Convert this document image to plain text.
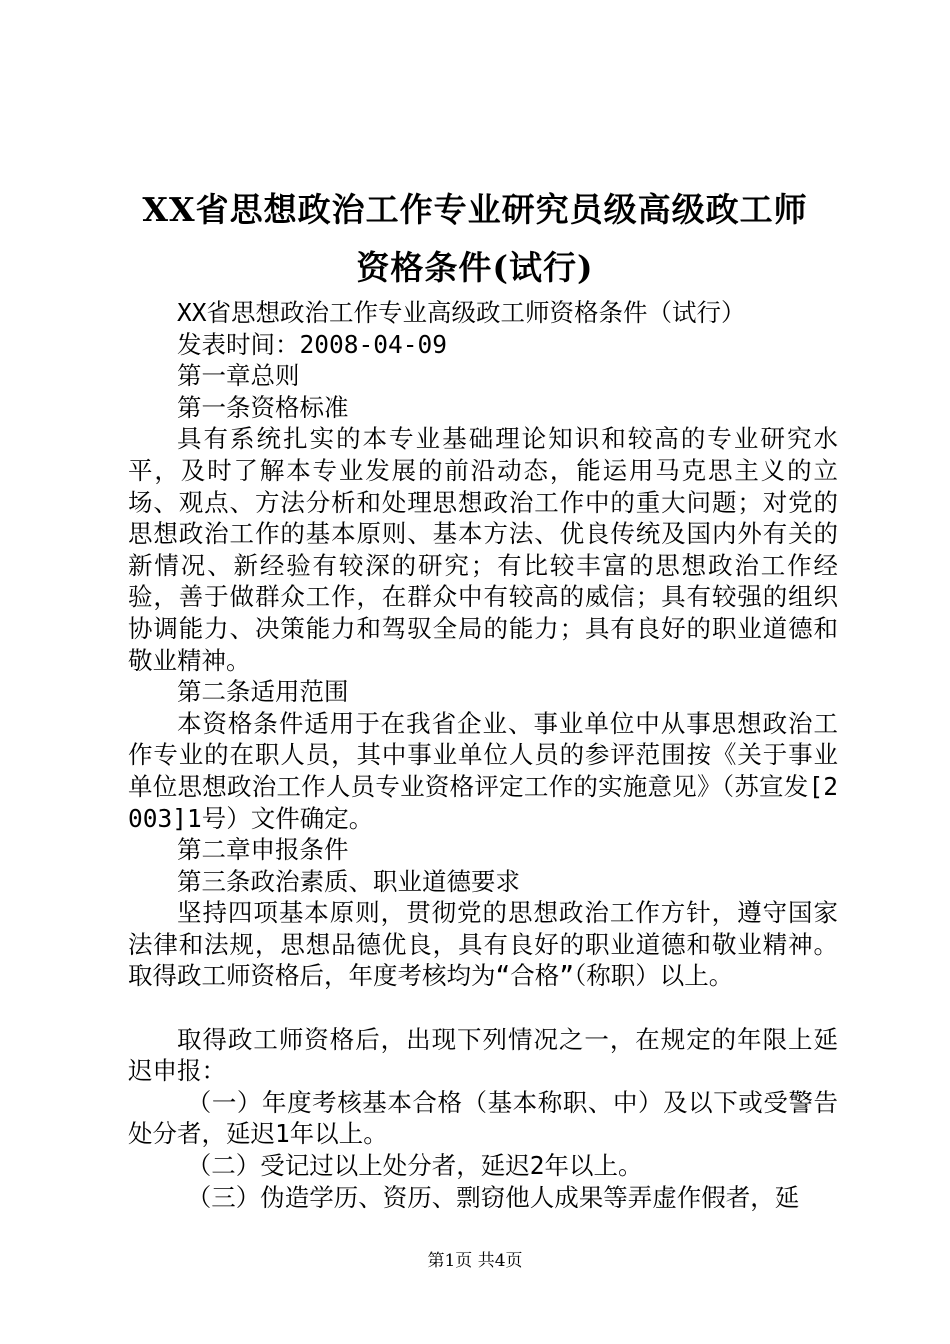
XX省思想政治工作专业研究员级高级政工师
资格条件(试行)

XX省思想政治工作专业高级政工师资格条件（试行）

发表时间：2008-04-09

第一章总则

第一条资格标准

具有系统扎实的本专业基础理论知识和较高的专业研究水平，及时了解本专业发展的前沿动态，能运用马克思主义的立场、观点、方法分析和处理思想政治工作中的重大问题；对党的思想政治工作的基本原则、基本方法、优良传统及国内外有关的新情况、新经验有较深的研究；有比较丰富的思想政治工作经验，善于做群众工作，在群众中有较高的威信；具有较强的组织协调能力、决策能力和驾驭全局的能力；具有良好的职业道德和敬业精神。

第二条适用范围

本资格条件适用于在我省企业、事业单位中从事思想政治工作专业的在职人员，其中事业单位人员的参评范围按《关于事业单位思想政治工作人员专业资格评定工作的实施意见》（苏宣发[2003]1号）文件确定。

第二章申报条件

第三条政治素质、职业道德要求

坚持四项基本原则，贯彻党的思想政治工作方针，遵守国家法律和法规，思想品德优良，具有良好的职业道德和敬业精神。取得政工师资格后，年度考核均为“合格”（称职）以上。

取得政工师资格后，出现下列情况之一，在规定的年限上延迟申报：

（一）年度考核基本合格（基本称职、中）及以下或受警告处分者，延迟1年以上。

（二）受记过以上处分者，延迟2年以上。

（三）伪造学历、资历、剽窃他人成果等弄虚作假者，延

第1页 共4页
